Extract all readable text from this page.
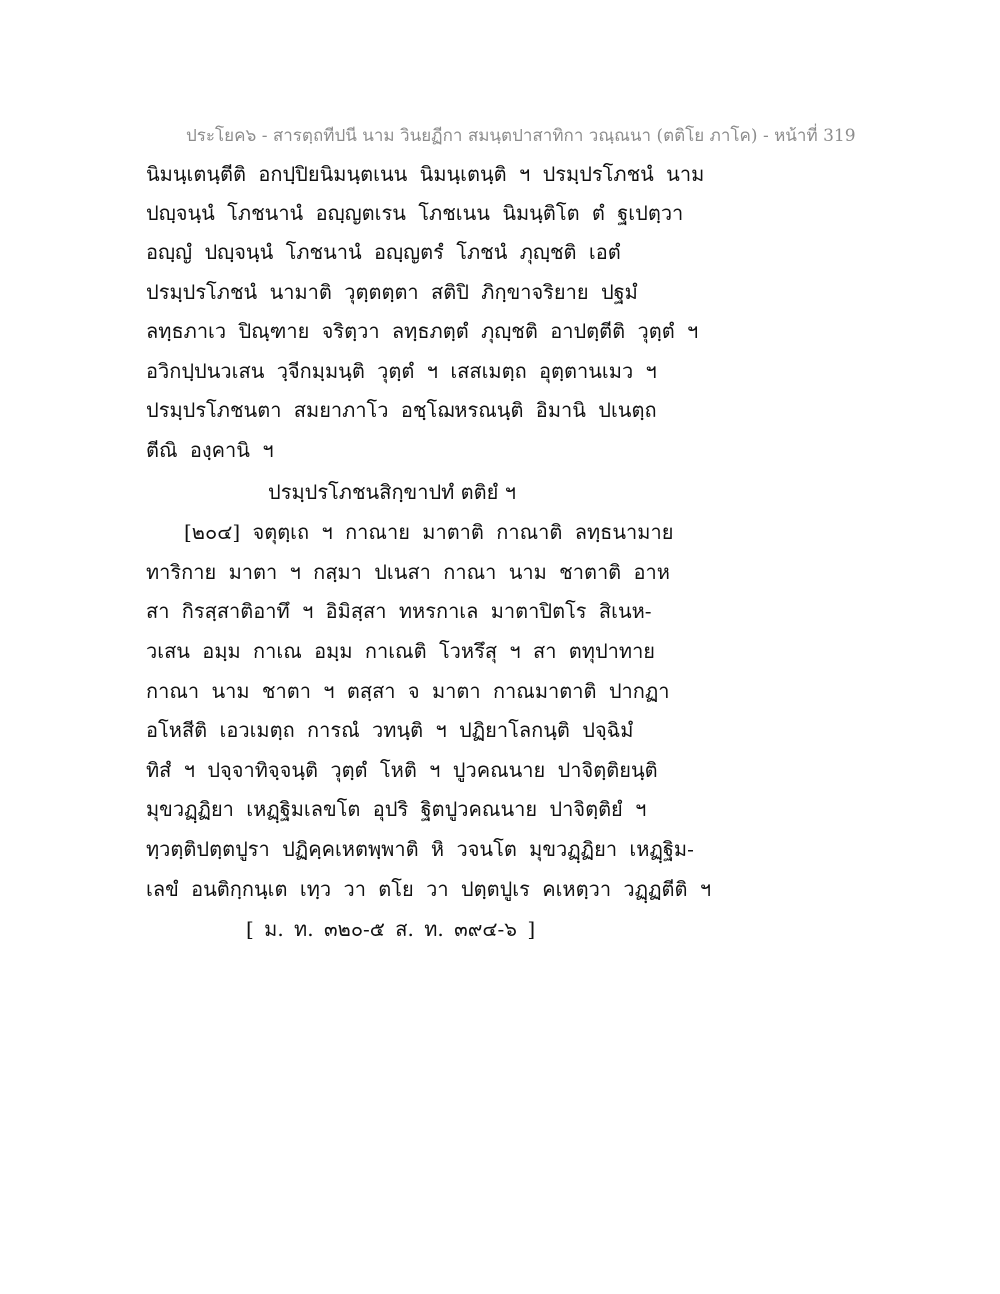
ประโยค๖ - สารตฺถทีปนี นาม วินยฏีกา สมนฺตปาสาทิกา วณฺณนา (ตติโย ภาโค) - หน้าที่ 319
นิมนฺเตนฺตีติ อกปฺปิยนิมนฺตเนน นิมนฺเตนฺติ ฯ ปรมฺปรโภชนํ นาม
ปญฺจนฺนํ โภชนานํ อญฺญตเรน โภชเนน นิมนฺติโต ตํ ฐเปตฺวา
อญฺญํ ปญฺจนฺนํ โภชนานํ อญฺญตรํ โภชนํ ภุญฺชติ เอตํ
ปรมฺปรโภชนํ นามาติ วุตฺตตฺตา สติปิ ภิกฺขาจริยาย ปฐมํ
ลทฺธภาเว ปิณฺฑาย จริตฺวา ลทฺธภตฺตํ ภุญฺชติ อาปตฺตีติ วุตฺตํ ฯ
อวิกปฺปนวเสน วฺจีกมฺมนฺติ วุตฺตํ ฯ เสสเมตฺถ อุตฺตานเมว ฯ
ปรมฺปรโภชนตา สมยาภาโว อชฺโฌหรณนฺติ อิมานิ ปเนตฺถ
ตีณิ องฺคานิ ฯ
ปรมฺปรโภชนสิกฺขาปทํ ตติยํ ฯ
[๒๐๔] จตุตฺเถ ฯ กาณาย มาตาติ กาณาติ ลทฺธนามาย
ทาริกาย มาตา ฯ กสฺมา ปเนสา กาณา นาม ชาตาติ อาห
สา กิรสฺสาติอาทึ ฯ อิมิสฺสา ทหรกาเล มาตาปิตโร สิเนห-
วเสน อมฺม กาเณ อมฺม กาเณติ โวหรึสุ ฯ สา ตทุปาทาย
กาณา นาม ชาตา ฯ ตสฺสา จ มาตา กาณมาตาติ ปากฏา
อโหสีติ เอวเมตฺถ การณํ วทนฺติ ฯ ปฏิยาโลกนฺติ ปจฺฉิมํ
ทิสํ ฯ ปจฺจาทิจฺจนฺติ วุตฺตํ โหติ ฯ ปูวคณนาย ปาจิตฺติยนฺติ
มุขวฏฺฏิยา เหฏฺฐิมเลขโต อุปริ ฐิตปูวคณนาย ปาจิตฺติยํ ฯ
ทฺวตฺติปตฺตปูรา ปฏิคฺคเหตพฺพาติ หิ วจนโต มุขวฏฺฏิยา เหฏฺฐิม-
เลขํ อนติกฺกนฺเต เทฺว วา ตโย วา ปตฺตปูเร คเหตฺวา วฏฺฏตีติ ฯ
[ ม. ท. ๓๒๐-๕ ส. ท. ๓๙๔-๖ ]
